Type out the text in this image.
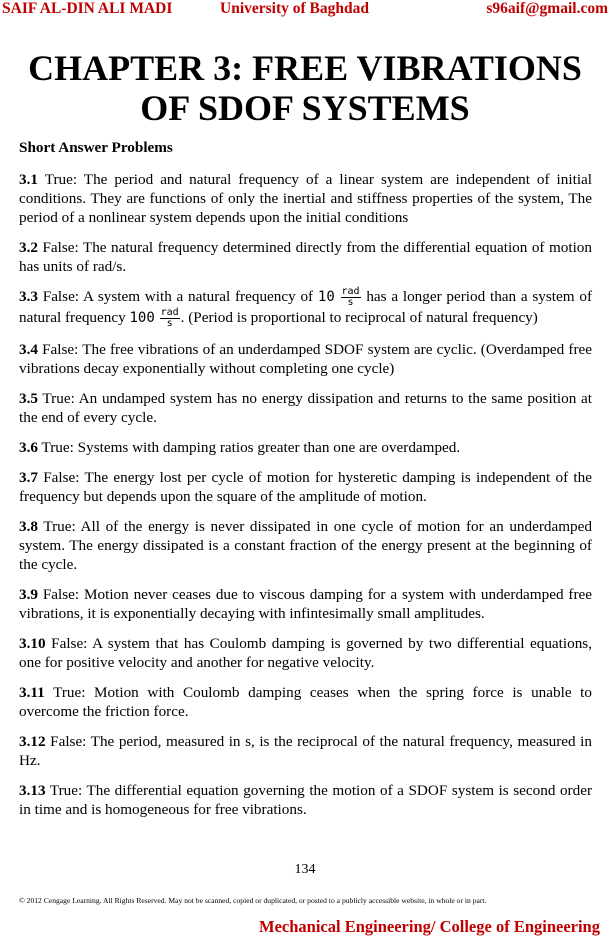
SAIF AL-DIN ALI MADI	University of Baghdad	s96aif@gmail.com
CHAPTER 3: FREE VIBRATIONS OF SDOF SYSTEMS

Short Answer Problems

3.1 True: The period and natural frequency of a linear system are independent of initial conditions. They are functions of only the inertial and stiffness properties of the system, The period of a nonlinear system depends upon the initial conditions

3.2 False: The natural frequency determined directly from the differential equation of motion has units of rad/s.

3.3 False: A system with a natural frequency of $10 \frac{\text{rad}}{s}$ has a longer period than a system of natural frequency $100 \frac{\text{rad}}{s}$ . (Period is proportional to reciprocal of natural frequency)

3.4 False: The free vibrations of an underdamped SDOF system are cyclic. (Overdamped free vibrations decay exponentially without completing one cycle)

3.5 True: An undamped system has no energy dissipation and returns to the same position at the end of every cycle.

3.6 True: Systems with damping ratios greater than one are overdamped.

3.7 False: The energy lost per cycle of motion for hysteretic damping is independent of the frequency but depends upon the square of the amplitude of motion.

3.8 True: All of the energy is never dissipated in one cycle of motion for an underdamped system. The energy dissipated is a constant fraction of the energy present at the beginning of the cycle.

3.9 False: Motion never ceases due to viscous damping for a system with underdamped free vibrations, it is exponentially decaying with infintesimally small amplitudes.

3.10 False: A system that has Coulomb damping is governed by two differential equations, one for positive velocity and another for negative velocity.

3.11 True: Motion with Coulomb damping ceases when the spring force is unable to overcome the friction force.

3.12 False: The period, measured in s, is the reciprocal of the natural frequency, measured in Hz.

3.13 True: The differential equation governing the motion of a SDOF system is second order in time and is homogeneous for free vibrations.

134
© 2012 Cengage Learning. All Rights Reserved. May not be scanned, copied or duplicated, or posted to a publicly accessible website, in whole or in part.
Mechanical Engineering/ College of Engineering
